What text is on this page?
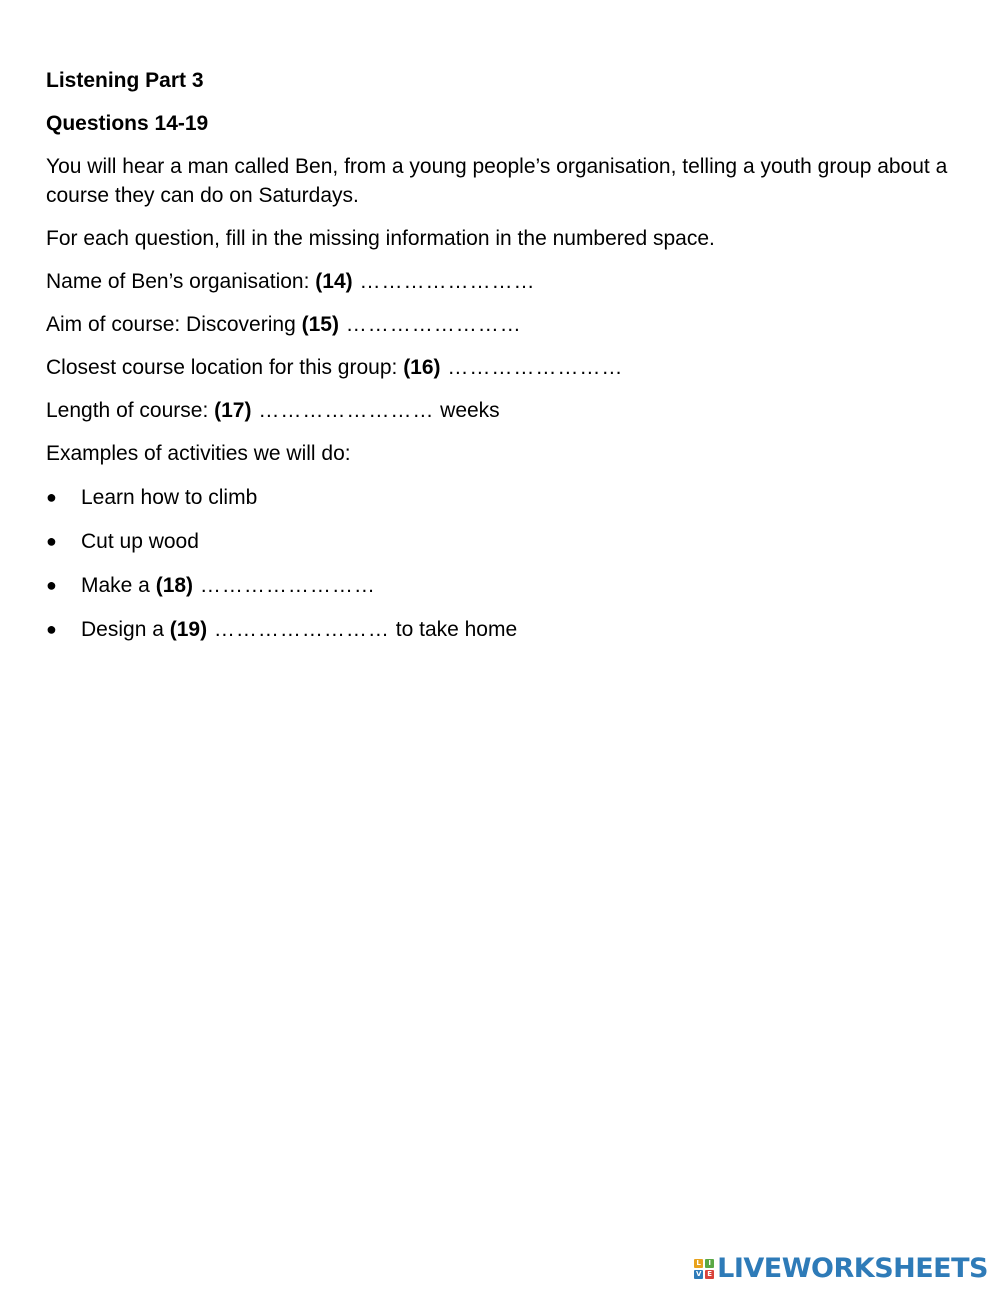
Listening Part 3
Questions 14-19
You will hear a man called Ben, from a young people’s organisation, telling a youth group about a course they can do on Saturdays.
For each question, fill in the missing information in the numbered space.
Name of Ben’s organisation: (14) ……………………
Aim of course: Discovering (15) ……………………
Closest course location for this group: (16) ……………………
Length of course: (17) …………………… weeks
Examples of activities we will do:
● Learn how to climb
● Cut up wood
● Make a (18) ……………………
● Design a (19) …………………… to take home
L	I
V E LIVEWORKSHEETS
